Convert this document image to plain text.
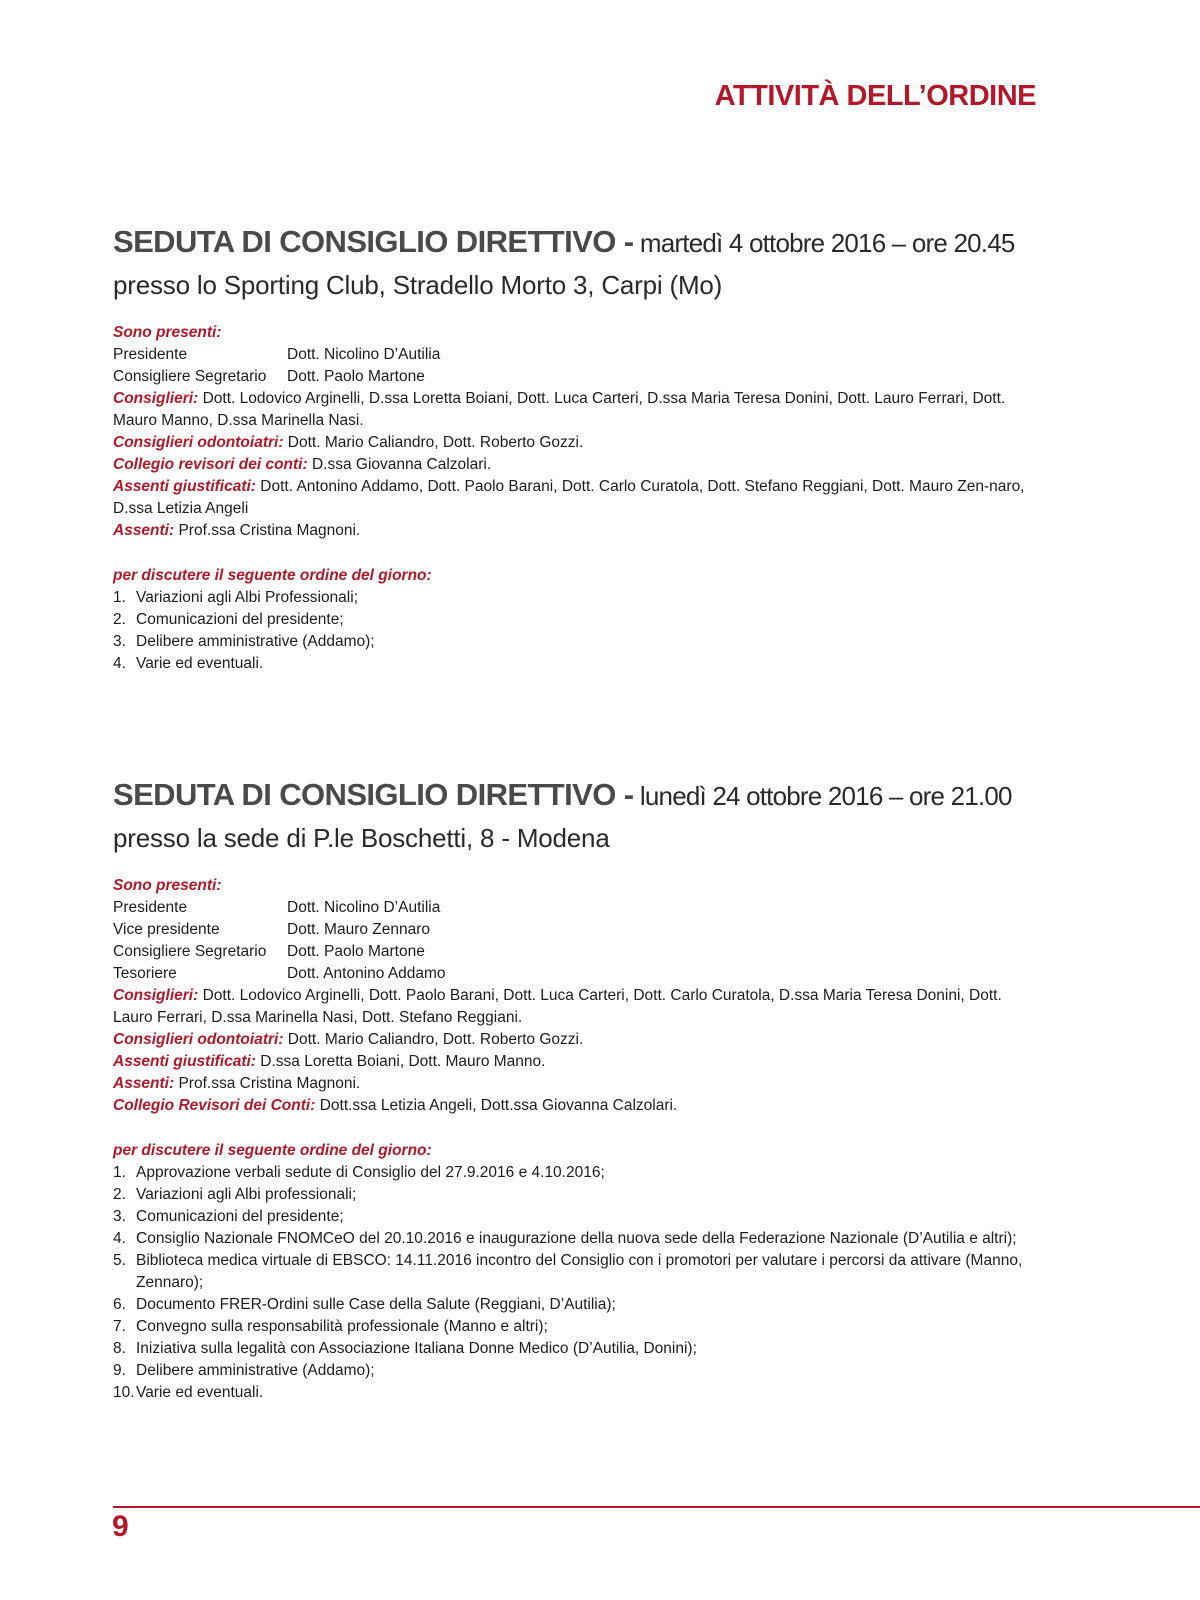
ATTIVITÀ DELL’ORDINE
SEDUTA DI CONSIGLIO DIRETTIVO - martedì 4 ottobre 2016 – ore 20.45
presso lo Sporting Club, Stradello Morto 3, Carpi (Mo)
Sono presenti:
Presidente	Dott. Nicolino D’Autilia
Consigliere Segretario	Dott. Paolo Martone
Consiglieri: Dott. Lodovico Arginelli, D.ssa Loretta Boiani, Dott. Luca Carteri, D.ssa Maria Teresa Donini, Dott. Lauro Ferrari, Dott. Mauro Manno, D.ssa Marinella Nasi.
Consiglieri odontoiatri: Dott. Mario Caliandro, Dott. Roberto Gozzi.
Collegio revisori dei conti: D.ssa Giovanna Calzolari.
Assenti giustificati: Dott. Antonino Addamo, Dott. Paolo Barani, Dott. Carlo Curatola, Dott. Stefano Reggiani, Dott. Mauro Zen-naro, D.ssa Letizia Angeli
Assenti: Prof.ssa Cristina Magnoni.
per discutere il seguente ordine del giorno:
1. Variazioni agli Albi Professionali;
2. Comunicazioni del presidente;
3. Delibere amministrative (Addamo);
4. Varie ed eventuali.
SEDUTA DI CONSIGLIO DIRETTIVO - lunedì 24 ottobre 2016 – ore 21.00
presso la sede di P.le Boschetti, 8 - Modena
Sono presenti:
Presidente	Dott. Nicolino D’Autilia
Vice presidente	Dott. Mauro Zennaro
Consigliere Segretario	Dott. Paolo Martone
Tesoriere	Dott. Antonino Addamo
Consiglieri: Dott. Lodovico Arginelli, Dott. Paolo Barani, Dott. Luca Carteri, Dott. Carlo Curatola, D.ssa Maria Teresa Donini, Dott. Lauro Ferrari, D.ssa Marinella Nasi, Dott. Stefano Reggiani.
Consiglieri odontoiatri: Dott. Mario Caliandro, Dott. Roberto Gozzi.
Assenti giustificati: D.ssa Loretta Boiani, Dott. Mauro Manno.
Assenti: Prof.ssa Cristina Magnoni.
Collegio Revisori dei Conti: Dott.ssa Letizia Angeli, Dott.ssa Giovanna Calzolari.
per discutere il seguente ordine del giorno:
1. Approvazione verbali sedute di Consiglio del 27.9.2016 e 4.10.2016;
2. Variazioni agli Albi professionali;
3. Comunicazioni del presidente;
4. Consiglio Nazionale FNOMCeO del 20.10.2016 e inaugurazione della nuova sede della Federazione Nazionale (D’Autilia e altri);
5. Biblioteca medica virtuale di EBSCO: 14.11.2016 incontro del Consiglio con i promotori per valutare i percorsi da attivare (Manno, Zennaro);
6. Documento FRER-Ordini sulle Case della Salute (Reggiani, D’Autilia);
7. Convegno sulla responsabilità professionale (Manno e altri);
8. Iniziativa sulla legalità con Associazione Italiana Donne Medico (D’Autilia, Donini);
9. Delibere amministrative (Addamo);
10. Varie ed eventuali.
9
